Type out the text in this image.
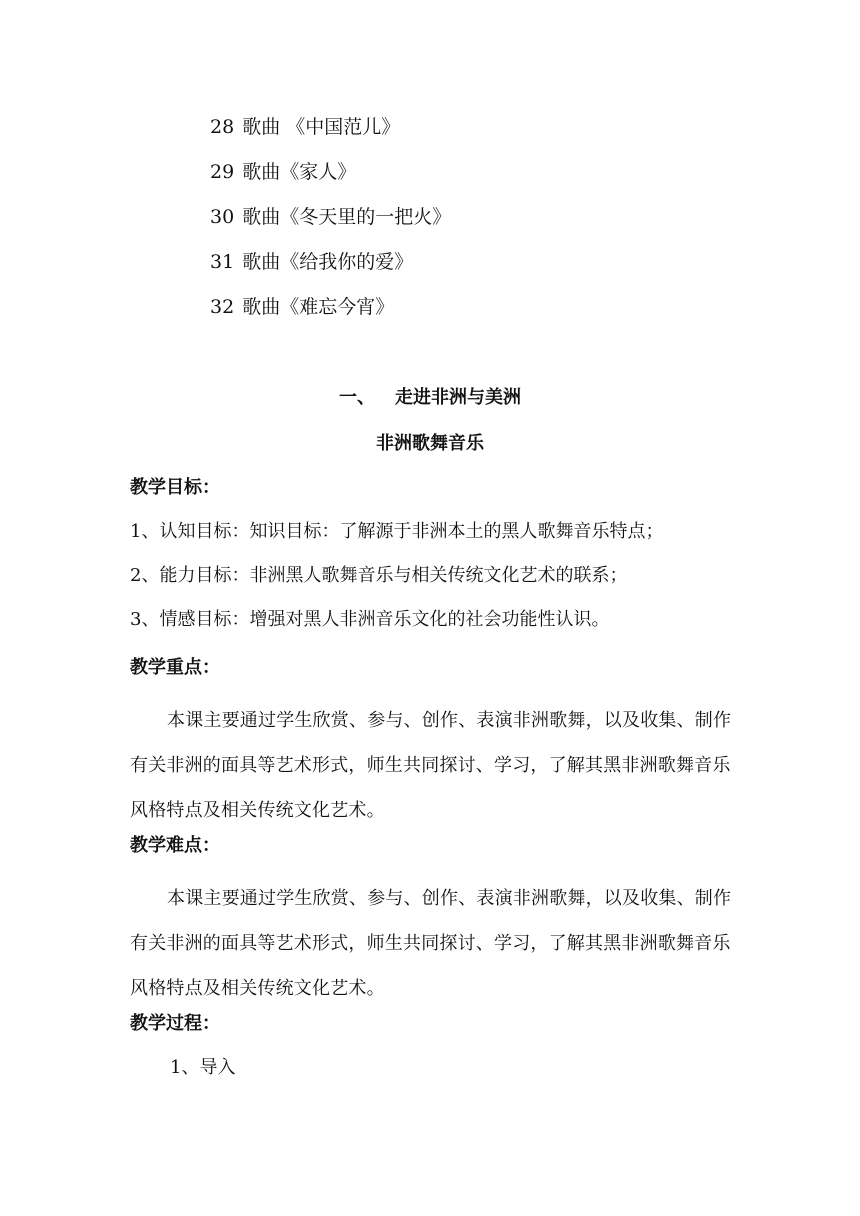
28 歌曲 《中国范儿》
29 歌曲《家人》
30 歌曲《冬天里的一把火》
31 歌曲《给我你的爱》
32 歌曲《难忘今宵》
一、 走进非洲与美洲
非洲歌舞音乐
教学目标：
1、认知目标：知识目标：了解源于非洲本土的黑人歌舞音乐特点；
2、能力目标：非洲黑人歌舞音乐与相关传统文化艺术的联系；
3、情感目标：增强对黑人非洲音乐文化的社会功能性认识。
教学重点：

本课主要通过学生欣赏、参与、创作、表演非洲歌舞，以及收集、制作有关非洲的面具等艺术形式，师生共同探讨、学习，了解其黑非洲歌舞音乐风格特点及相关传统文化艺术。

教学难点：

本课主要通过学生欣赏、参与、创作、表演非洲歌舞，以及收集、制作有关非洲的面具等艺术形式，师生共同探讨、学习，了解其黑非洲歌舞音乐风格特点及相关传统文化艺术。

教学过程：
1、导入
